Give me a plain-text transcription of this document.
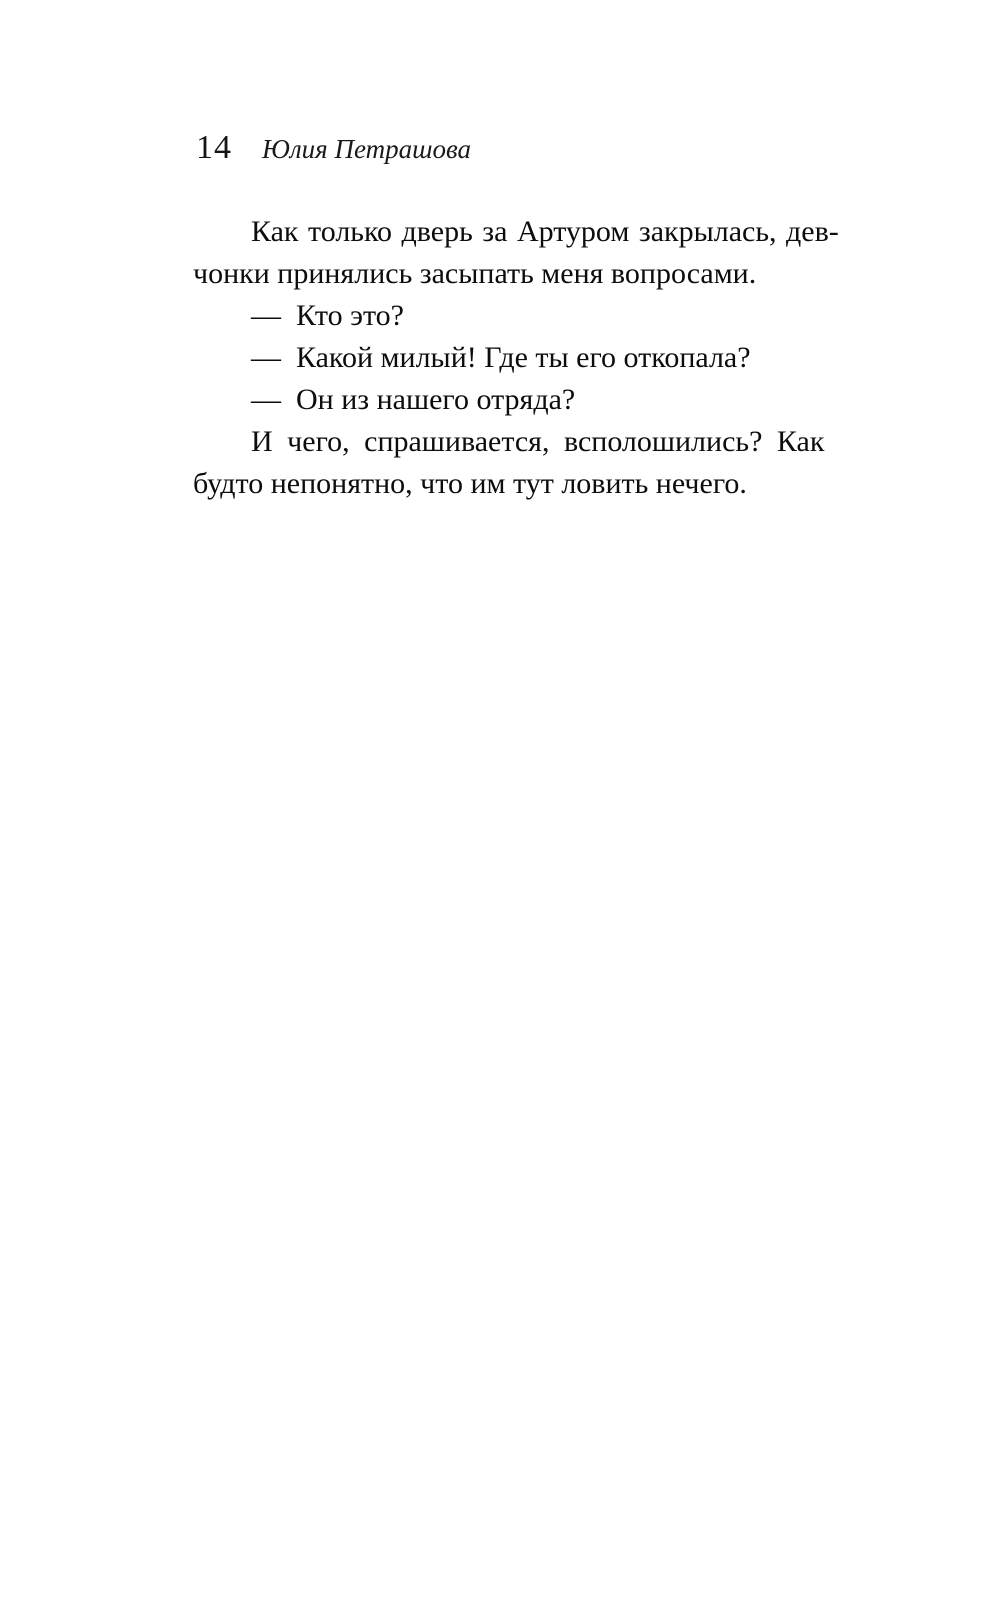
14 Юлия Петрашова
Как только дверь за Артуром закрылась, дев-
чонки принялись засыпать меня вопросами.
— Кто это?
— Какой милый! Где ты его откопала?
— Он из нашего отряда?
И чего, спрашивается, всполошились? Как
будто непонятно, что им тут ловить нечего.
